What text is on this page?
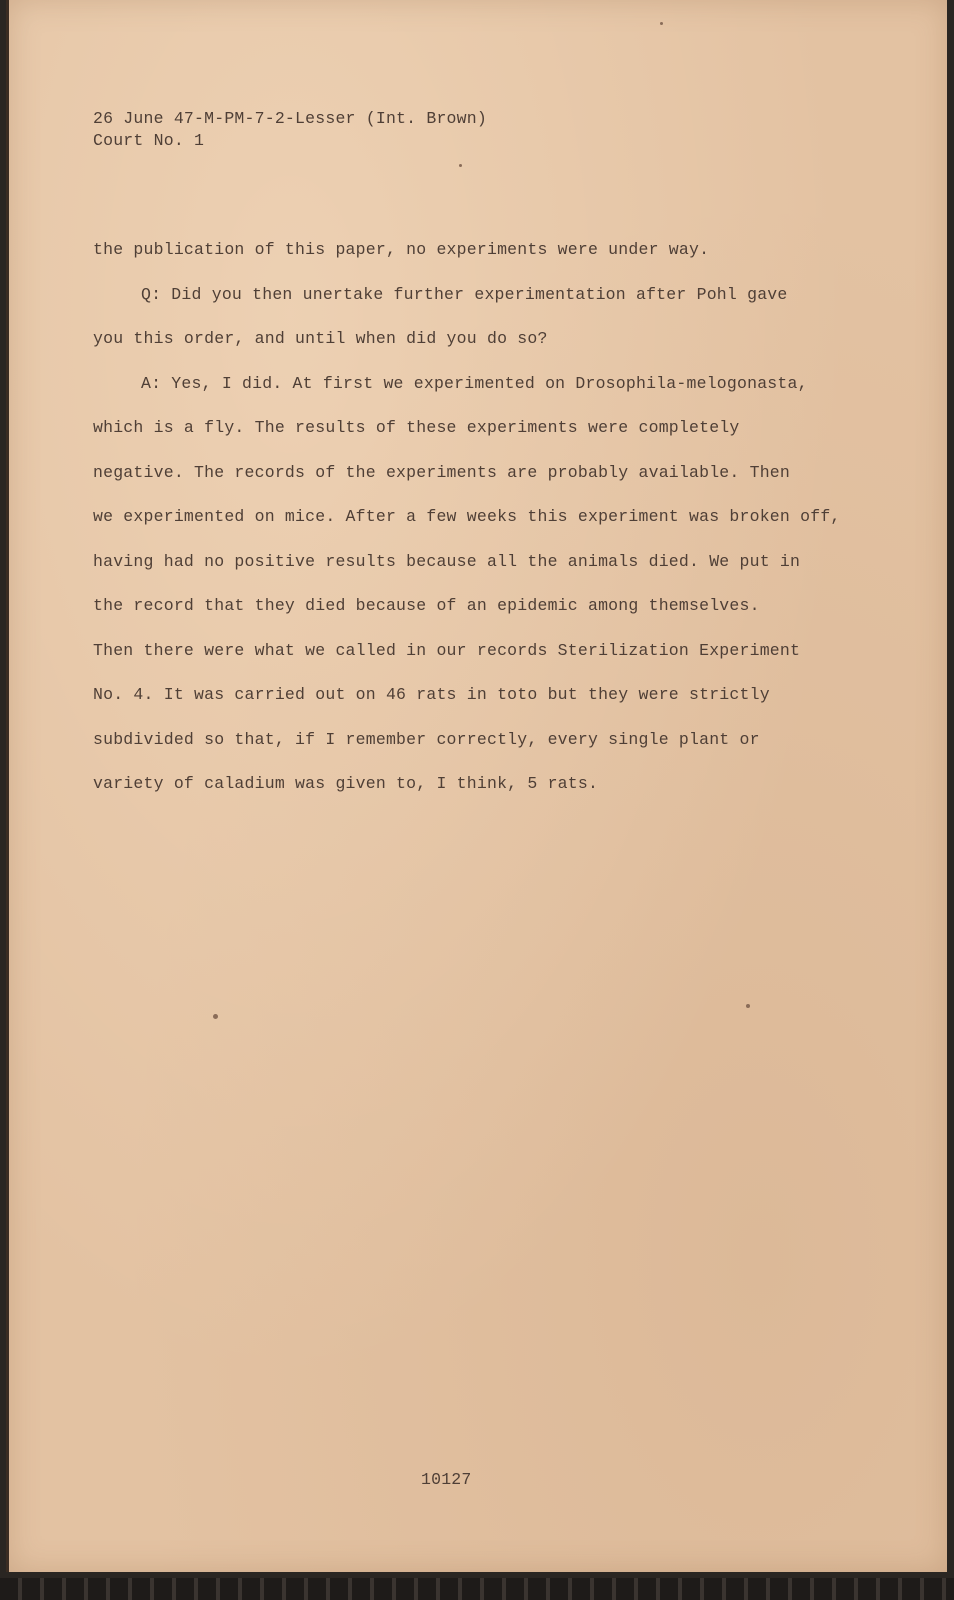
26 June 47-M-PM-7-2-Lesser (Int. Brown)
Court No. 1
the publication of this paper, no experiments were under way.
Q: Did you then unertake further experimentation after Pohl gave
you this order, and until when did you do so?
A: Yes, I did. At first we experimented on Drosophila-melogonasta,
which is a fly. The results of these experiments were completely
negative. The records of the experiments are probably available. Then
we experimented on mice. After a few weeks this experiment was broken off,
having had no positive results because all the animals died. We put in
the record that they died because of an epidemic among themselves.
Then there were what we called in our records Sterilization Experiment
No. 4. It was carried out on 46 rats in toto but they were strictly
subdivided so that, if I remember correctly, every single plant or
variety of caladium was given to, I think, 5 rats.
10127
